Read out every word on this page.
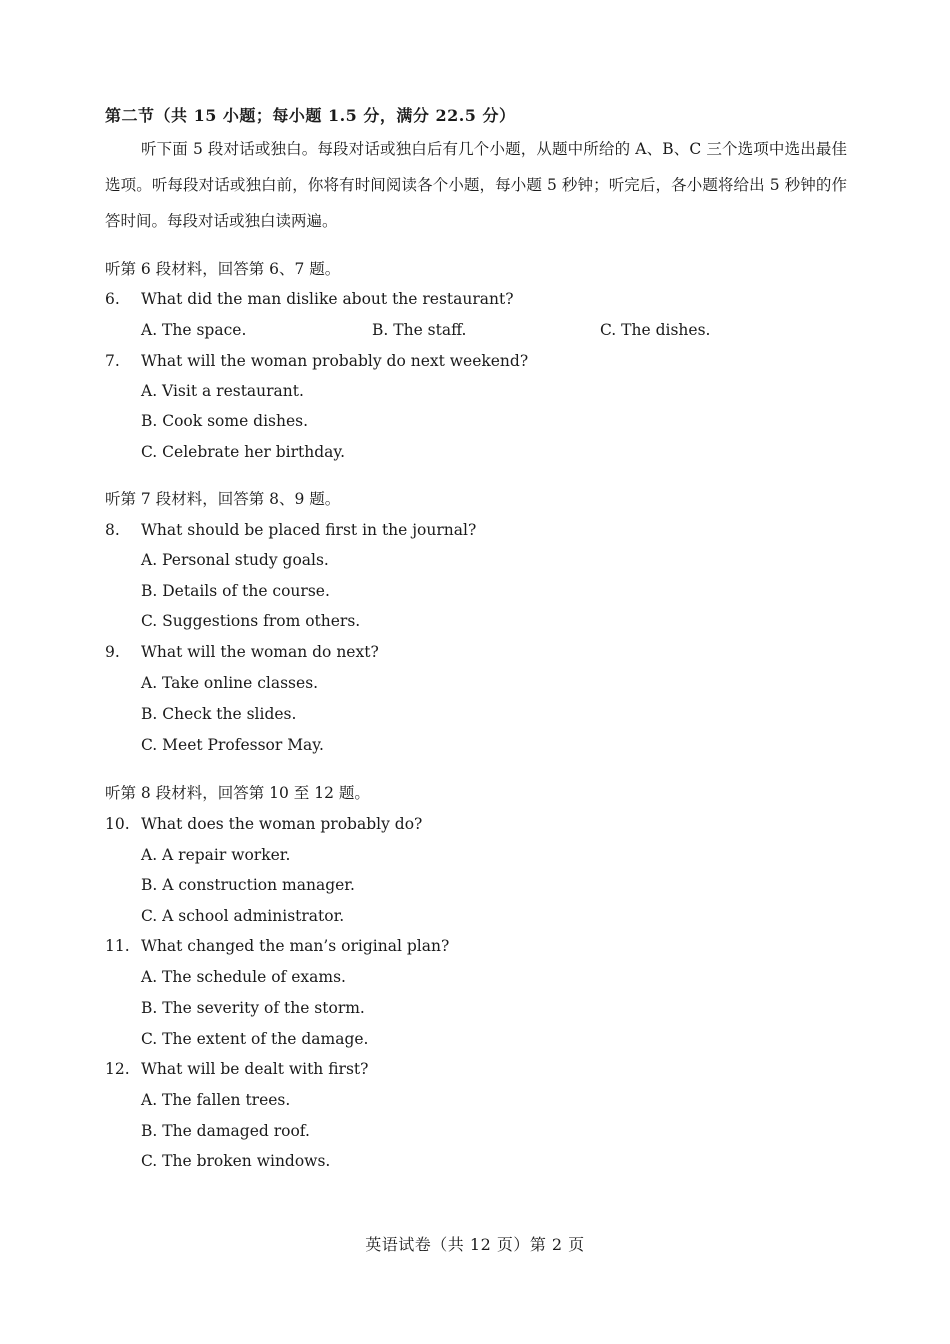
第二节（共 15 小题；每小题 1.5 分，满分 22.5 分）
听下面 5 段对话或独白。每段对话或独白后有几个小题，从题中所给的 A、B、C 三个选项中选出最佳选项。听每段对话或独白前，你将有时间阅读各个小题，每小题 5 秒钟；听完后，各小题将给出 5 秒钟的作答时间。每段对话或独白读两遍。
听第 6 段材料，回答第 6、7 题。
6. What did the man dislike about the restaurant?
A. The space.	B. The staff.	C. The dishes.
7. What will the woman probably do next weekend?
A. Visit a restaurant.
B. Cook some dishes.
C. Celebrate her birthday.
听第 7 段材料，回答第 8、9 题。
8. What should be placed first in the journal?
A. Personal study goals.
B. Details of the course.
C. Suggestions from others.
9. What will the woman do next?
A. Take online classes.
B. Check the slides.
C. Meet Professor May.
听第 8 段材料，回答第 10 至 12 题。
10. What does the woman probably do?
A. A repair worker.
B. A construction manager.
C. A school administrator.
11. What changed the man’s original plan?
A. The schedule of exams.
B. The severity of the storm.
C. The extent of the damage.
12. What will be dealt with first?
A. The fallen trees.
B. The damaged roof.
C. The broken windows.
英语试卷（共 12 页）第 2 页
